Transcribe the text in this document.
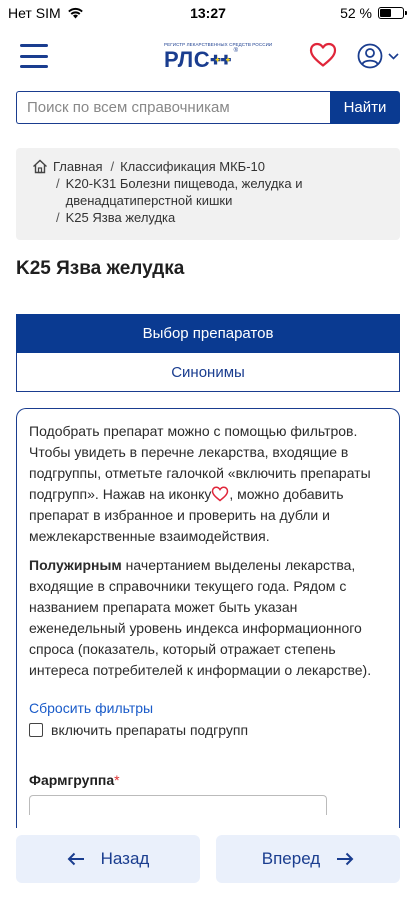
Нет SIM	13:27	52 %
РЕГИСТР ЛЕКАРСТВЕННЫХ СРЕДСТВ РОССИИ
РЛС	®
Поиск по всем справочникам
Найти
Главная / Классификация МКБ-10
/ K20-K31 Болезни пищевода, желудка и двенадцатиперстной кишки
/ K25 Язва желудка
K25 Язва желудка
Выбор препаратов
Синонимы

Подобрать препарат можно с помощью фильтров. Чтобы увидеть в перечне лекарства, входящие в подгруппы, отметьте галочкой «включить препараты подгрупп». Нажав на иконку , можно добавить препарат в избранное и проверить на дубли и межлекарственные взаимодействия.

Полужирным начертанием выделены лекарства, входящие в справочники текущего года. Рядом с названием препарата может быть указан еженедельный уровень индекса информационного спроса (показатель, который отражает степень интереса потребителей к информации о лекарстве).

Сбросить фильтры
включить препараты подгрупп
Фармгруппа*
Назад	Вперед
